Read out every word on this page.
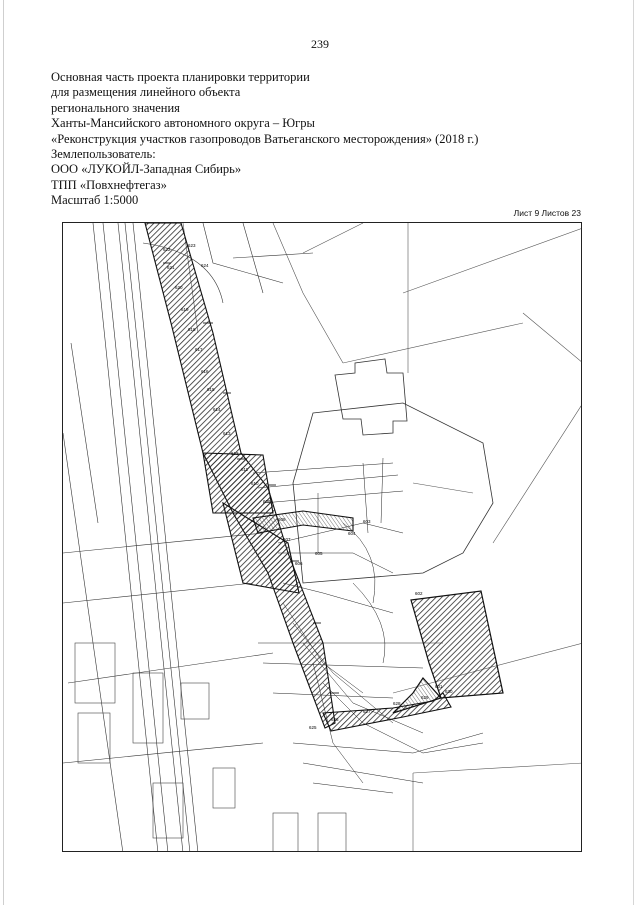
239
Основная часть проекта планировки территории
для размещения линейного объекта
регионального значения
Ханты-Мансийского автономного округа – Югры
«Реконструкция участков газопроводов Ватьеганского месторождения» (2018 г.)
Землепользователь:
ООО «ЛУКОЙЛ-Западная Сибирь»
ТПП «Повхнефтегаз»
Масштаб 1:5000
Лист 9 Листов 23
601
602
603
604
605
606
607
608
609
610
611
612
613
614
615
616
617
618
619
620
621
622
623
624
625
626
627
628
629
630
